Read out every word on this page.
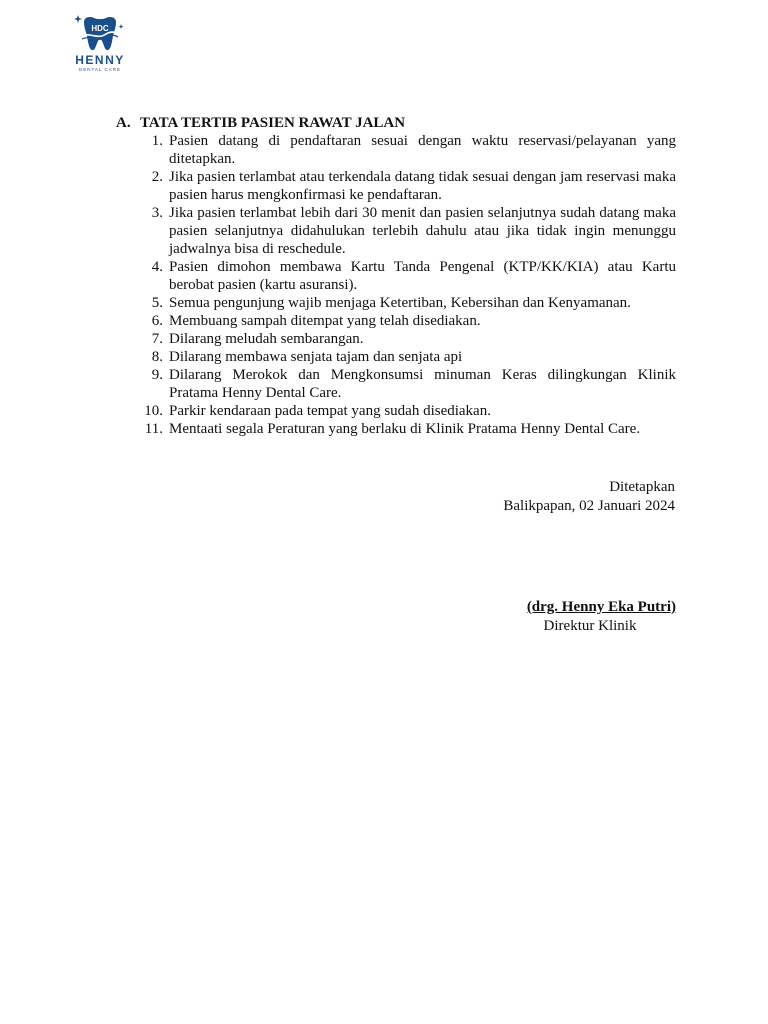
HDC
HENNY
DENTAL CARE
A. TATA TERTIB PASIEN RAWAT JALAN
1. Pasien datang di pendaftaran sesuai dengan waktu reservasi/pelayanan yang ditetapkan.
2. Jika pasien terlambat atau terkendala datang tidak sesuai dengan jam reservasi maka pasien harus mengkonfirmasi ke pendaftaran.
3. Jika pasien terlambat lebih dari 30 menit dan pasien selanjutnya sudah datang maka pasien selanjutnya didahulukan terlebih dahulu atau jika tidak ingin menunggu jadwalnya bisa di reschedule.
4. Pasien dimohon membawa Kartu Tanda Pengenal (KTP/KK/KIA) atau Kartu berobat pasien (kartu asuransi).
5. Semua pengunjung wajib menjaga Ketertiban, Kebersihan dan Kenyamanan.
6. Membuang sampah ditempat yang telah disediakan.
7. Dilarang meludah sembarangan.
8. Dilarang membawa senjata tajam dan senjata api
9. Dilarang Merokok dan Mengkonsumsi minuman Keras dilingkungan Klinik Pratama Henny Dental Care.
10. Parkir kendaraan pada tempat yang sudah disediakan.
11. Mentaati segala Peraturan yang berlaku di Klinik Pratama Henny Dental Care.
Ditetapkan
Balikpapan, 02 Januari 2024
(drg. Henny Eka Putri)
Direktur Klinik
